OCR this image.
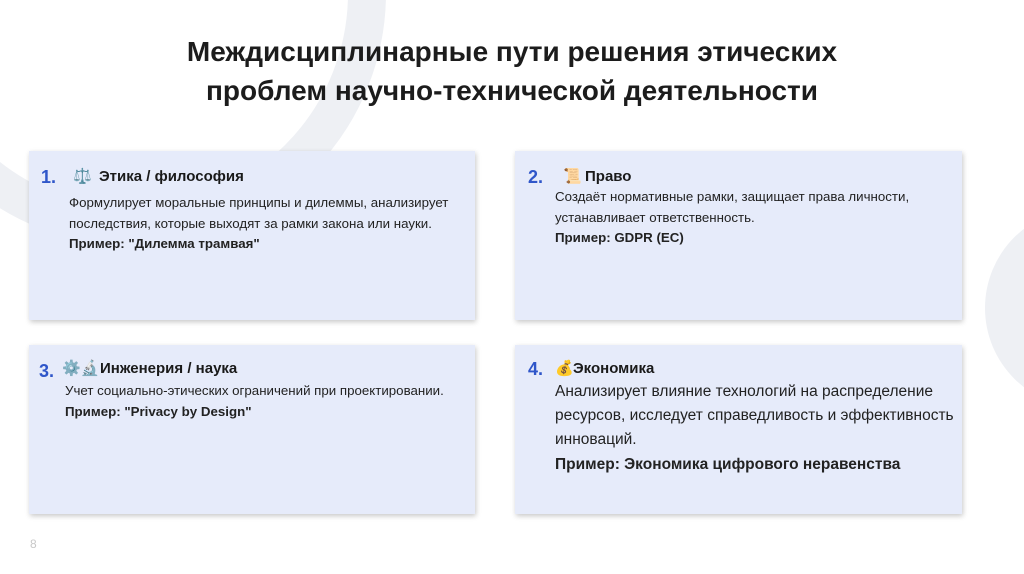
Междисциплинарные пути решения этических
проблем научно-технической деятельности
1. ⚖️ Этика / философия
Формулирует моральные принципы и дилеммы, анализирует последствия, которые выходят за рамки закона или науки.
Пример: "Дилемма трамвая"
2. 📜 Право
Создаёт нормативные рамки, защищает права личности, устанавливает ответственность.
Пример: GDPR (ЕС)
3. ⚙️🔬Инженерия / наука
Учет социально-этических ограничений при проектировании.
Пример: "Privacy by Design"
4. 💰Экономика
Анализирует влияние технологий на распределение ресурсов, исследует справедливость и эффективность инноваций.
Пример: Экономика цифрового неравенства
8
